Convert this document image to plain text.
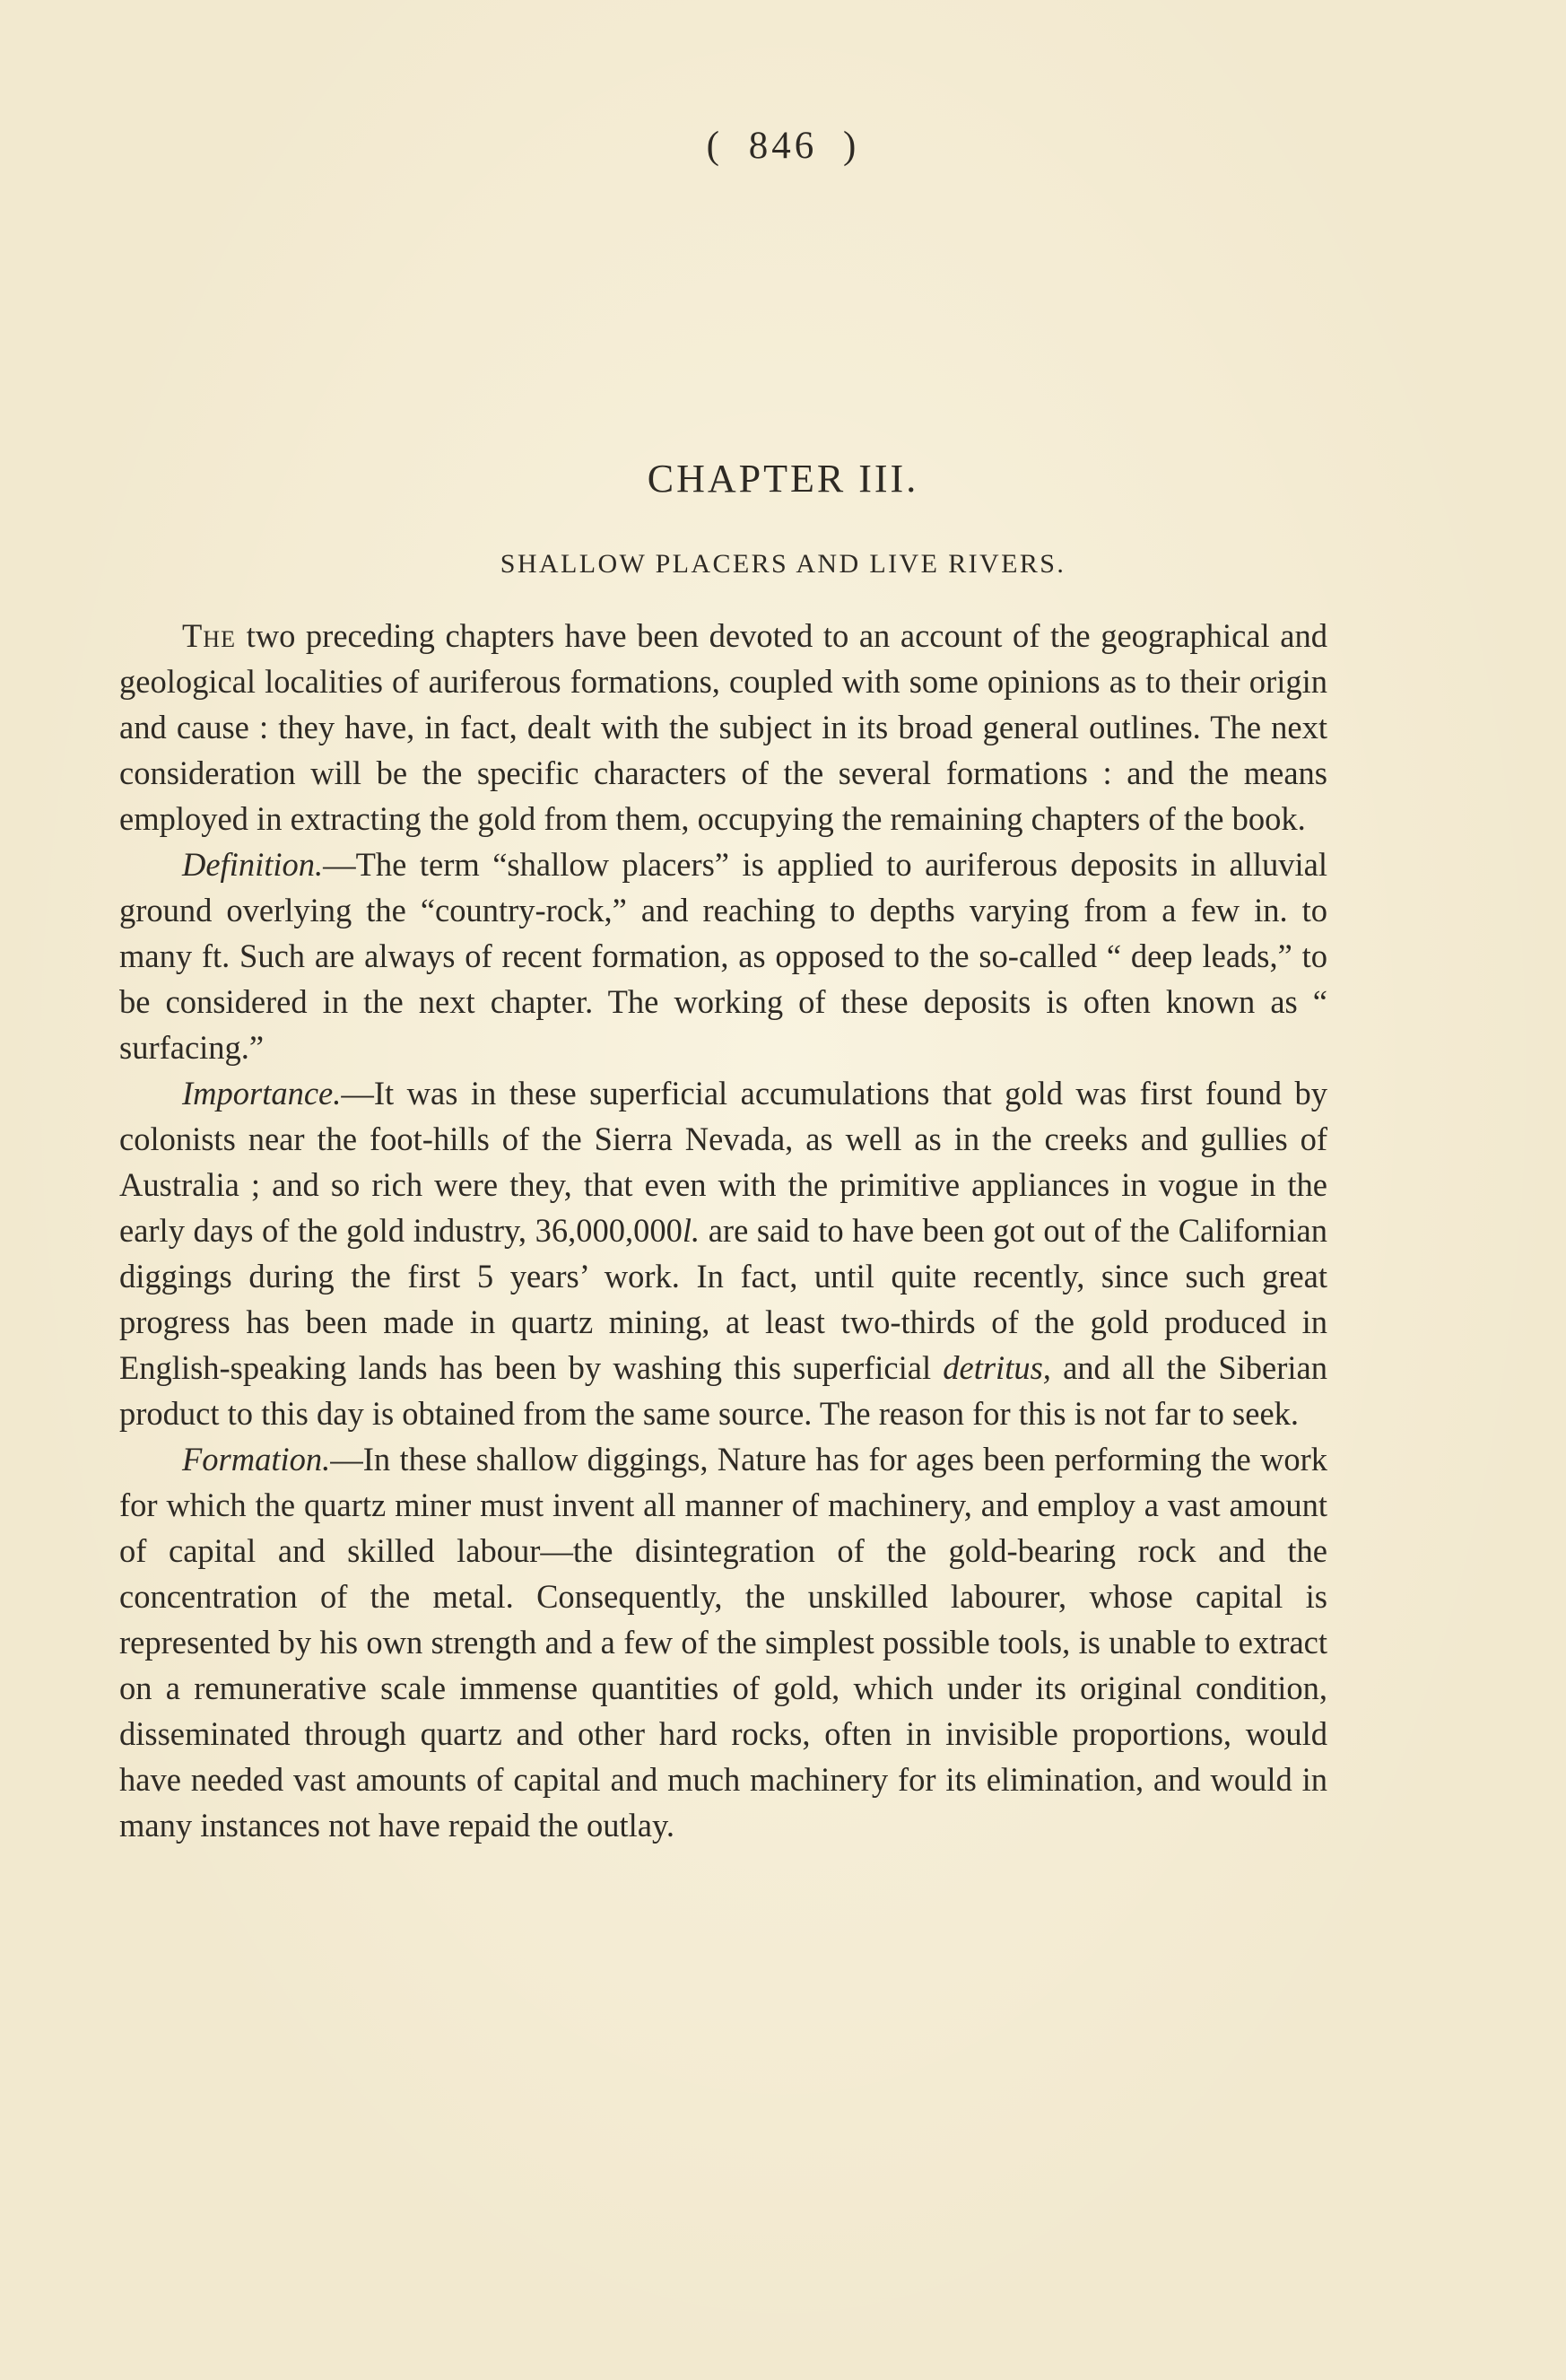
( 846 )
CHAPTER III.
SHALLOW PLACERS AND LIVE RIVERS.

The two preceding chapters have been devoted to an account of the geographical and geological localities of auriferous formations, coupled with some opinions as to their origin and cause : they have, in fact, dealt with the subject in its broad general outlines. The next consideration will be the specific characters of the several formations : and the means employed in extracting the gold from them, occupying the remaining chapters of the book.

Definition.—The term “shallow placers” is applied to auriferous deposits in alluvial ground overlying the “country-rock,” and reaching to depths varying from a few in. to many ft. Such are always of recent formation, as opposed to the so-called “ deep leads,” to be considered in the next chapter. The working of these deposits is often known as “ surfacing.”

Importance.—It was in these superficial accumulations that gold was first found by colonists near the foot-hills of the Sierra Nevada, as well as in the creeks and gullies of Australia ; and so rich were they, that even with the primitive appliances in vogue in the early days of the gold industry, 36,000,000l. are said to have been got out of the Californian diggings during the first 5 years’ work. In fact, until quite recently, since such great progress has been made in quartz mining, at least two-thirds of the gold produced in English-speaking lands has been by washing this superficial detritus, and all the Siberian product to this day is obtained from the same source. The reason for this is not far to seek.

Formation.—In these shallow diggings, Nature has for ages been performing the work for which the quartz miner must invent all manner of machinery, and employ a vast amount of capital and skilled labour—the disintegration of the gold-bearing rock and the concentration of the metal. Consequently, the unskilled labourer, whose capital is represented by his own strength and a few of the simplest possible tools, is unable to extract on a remunerative scale immense quantities of gold, which under its original condition, disseminated through quartz and other hard rocks, often in invisible proportions, would have needed vast amounts of capital and much machinery for its elimination, and would in many instances not have repaid the outlay.
